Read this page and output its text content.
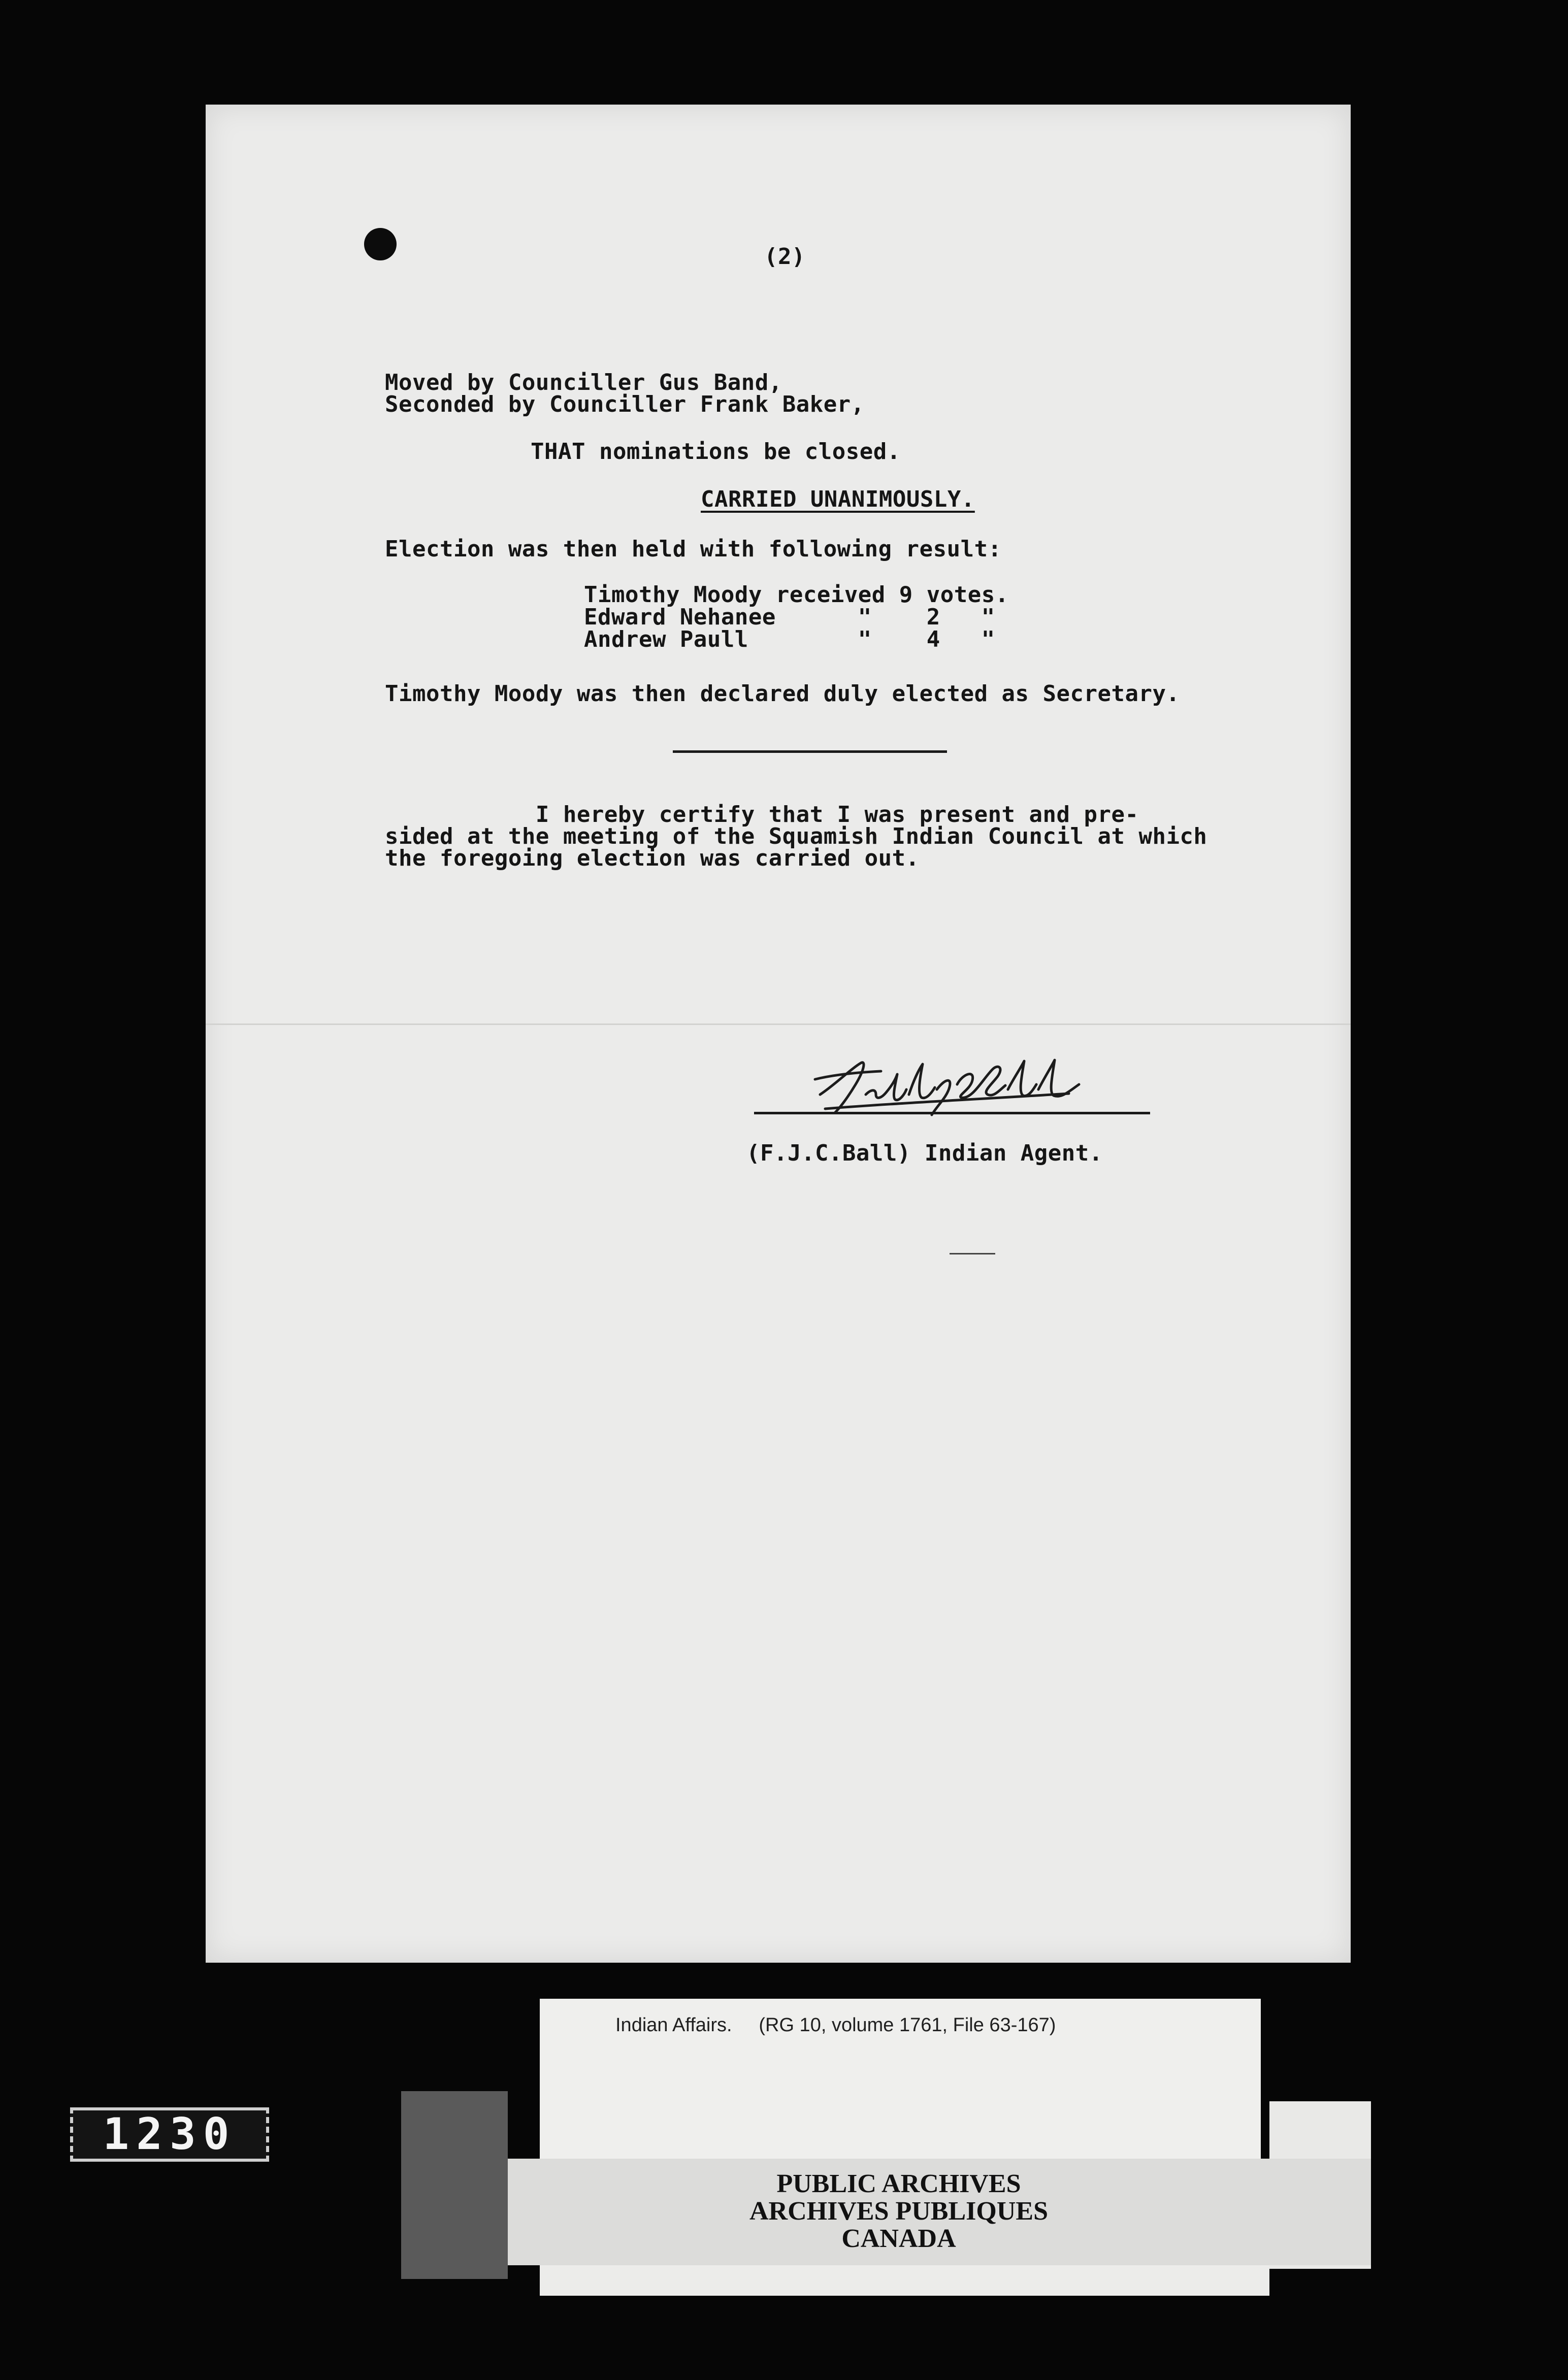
(2)

Moved by Counciller Gus Band,

Seconded by Counciller Frank Baker,

THAT nominations be closed.

CARRIED UNANIMOUSLY.

Election was then held with following result:

Timothy Moody received 9 votes.

Edward Nehanee      "    2   "

Andrew Paull        "    4   "

Timothy Moody was then declared duly elected as Secretary.

I hereby certify that I was present and pre-

sided at the meeting of the Squamish Indian Council at which

the foregoing election was carried out.

(F.J.C.Ball) Indian Agent.

Indian Affairs.     (RG 10, volume 1761, File 63-167)

PUBLIC ARCHIVES
ARCHIVES PUBLIQUES
CANADA
1230
